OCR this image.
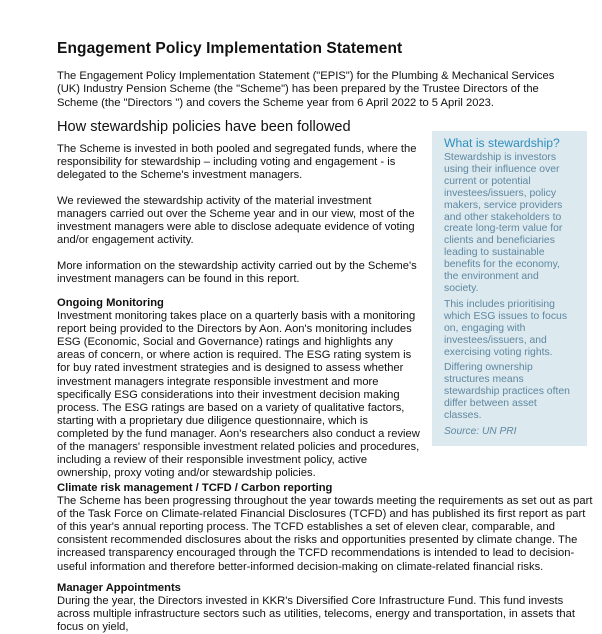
Engagement Policy Implementation Statement

The Engagement Policy Implementation Statement ("EPIS") for the Plumbing & Mechanical Services (UK) Industry Pension Scheme (the "Scheme") has been prepared by the Trustee Directors of the Scheme (the "Directors ") and covers the Scheme year from 6 April 2022 to 5 April 2023.

How stewardship policies have been followed

The Scheme is invested in both pooled and segregated funds, where the responsibility for stewardship – including voting and engagement - is delegated to the Scheme's investment managers.

We reviewed the stewardship activity of the material investment managers carried out over the Scheme year and in our view, most of the investment managers were able to disclose adequate evidence of voting and/or engagement activity.

More information on the stewardship activity carried out by the Scheme's investment managers can be found in this report.

Ongoing Monitoring
Investment monitoring takes place on a quarterly basis with a monitoring report being provided to the Directors by Aon. Aon's monitoring includes ESG (Economic, Social and Governance) ratings and highlights any areas of concern, or where action is required. The ESG rating system is for buy rated investment strategies and is designed to assess whether investment managers integrate responsible investment and more specifically ESG considerations into their investment decision making process. The ESG ratings are based on a variety of qualitative factors, starting with a proprietary due diligence questionnaire, which is completed by the fund manager. Aon's researchers also conduct a review of the managers' responsible investment related policies and procedures, including a review of their responsible investment policy, active ownership, proxy voting and/or stewardship policies.
Climate risk management / TCFD / Carbon reporting
The Scheme has been progressing throughout the year towards meeting the requirements as set out as part of the Task Force on Climate-related Financial Disclosures (TCFD) and has published its first report as part of this year's annual reporting process. The TCFD establishes a set of eleven clear, comparable, and consistent recommended disclosures about the risks and opportunities presented by climate change. The increased transparency encouraged through the TCFD recommendations is intended to lead to decision-useful information and therefore better-informed decision-making on climate-related financial risks.
Manager Appointments
During the year, the Directors invested in KKR's Diversified Core Infrastructure Fund. This fund invests across multiple infrastructure sectors such as utilities, telecoms, energy and transportation, in assets that focus on yield,
What is stewardship?

Stewardship is investors using their influence over current or potential investees/issuers, policy makers, service providers and other stakeholders to create long-term value for clients and beneficiaries leading to sustainable benefits for the economy, the environment and society.

This includes prioritising which ESG issues to focus on, engaging with investees/issuers, and exercising voting rights.

Differing ownership structures means stewardship practices often differ between asset classes.

Source: UN PRI
